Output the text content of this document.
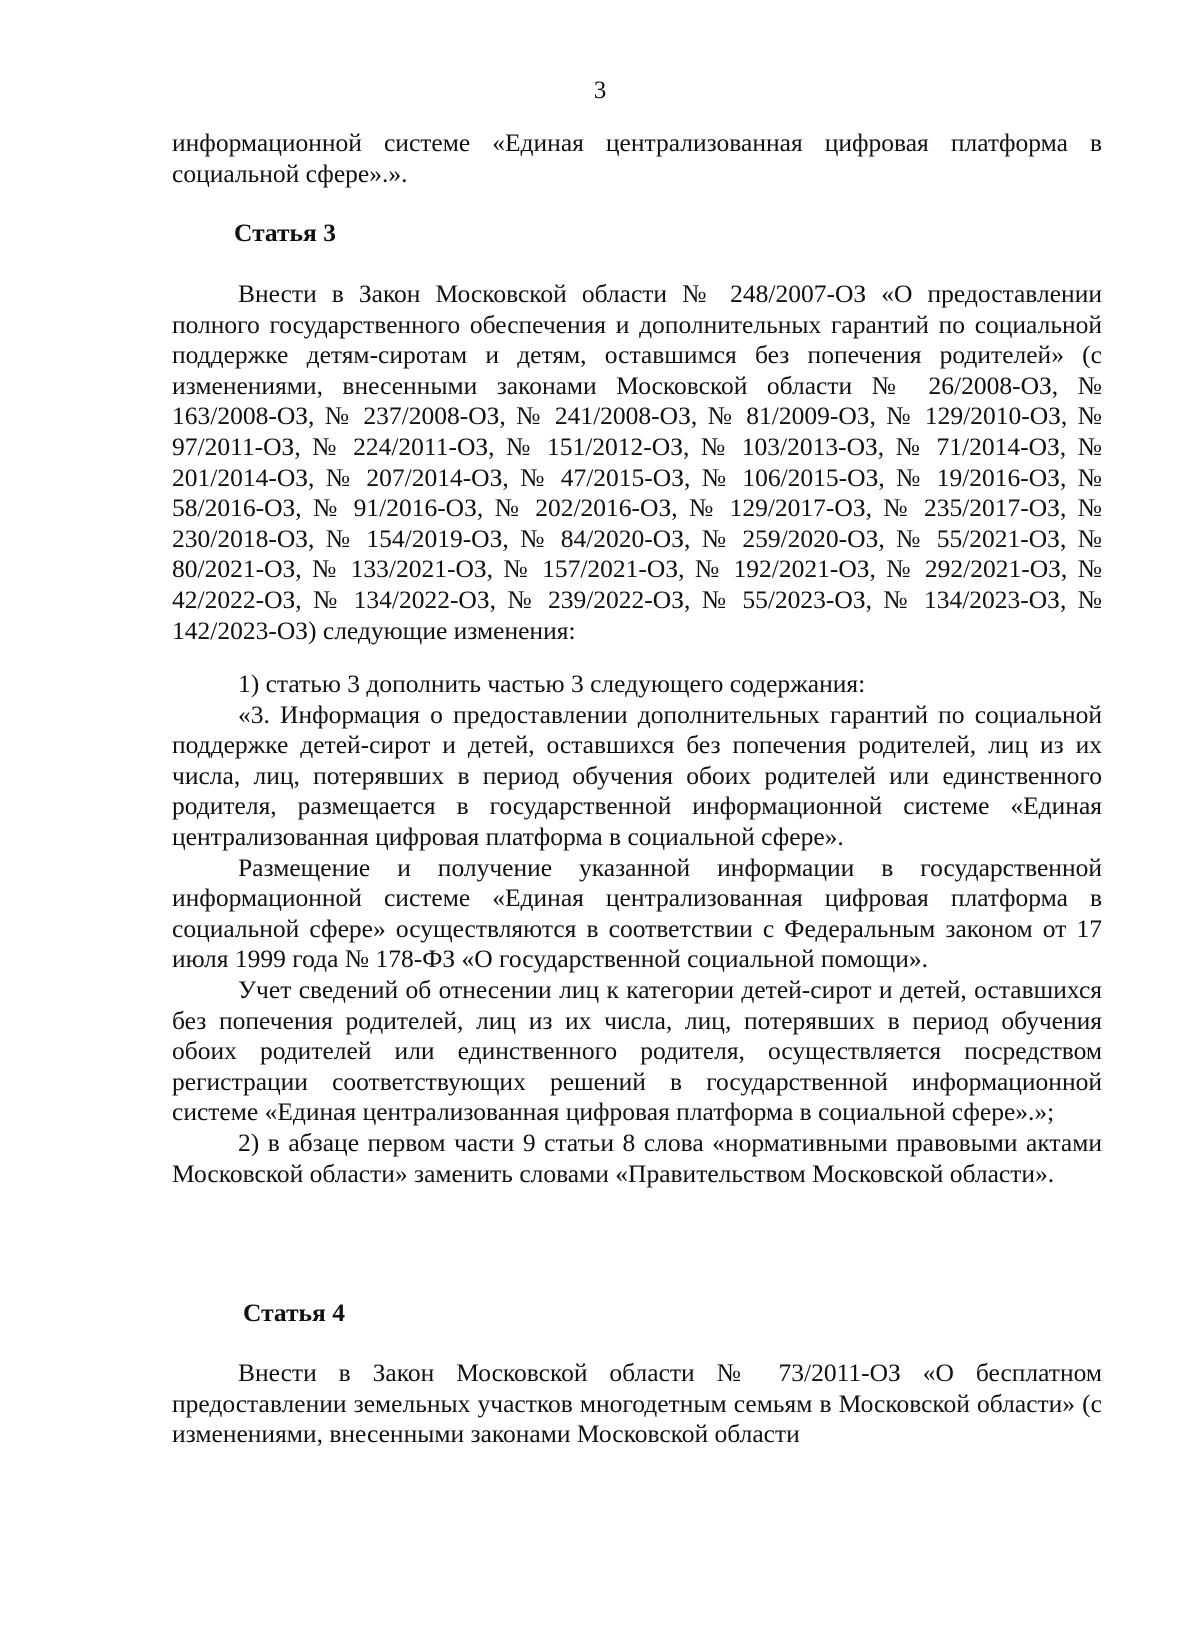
3

информационной системе «Единая централизованная цифровая платформа в социальной сфере».».

Статья 3

Внести в Закон Московской области № 248/2007-ОЗ «О предоставлении полного государственного обеспечения и дополнительных гарантий по социальной поддержке детям-сиротам и детям, оставшимся без попечения родителей» (с изменениями, внесенными законами Московской области № 26/2008-ОЗ, № 163/2008-ОЗ, № 237/2008-ОЗ, № 241/2008-ОЗ, № 81/2009-ОЗ, № 129/2010-ОЗ, № 97/2011-ОЗ, № 224/2011-ОЗ, № 151/2012-ОЗ, № 103/2013-ОЗ, № 71/2014-ОЗ, № 201/2014-ОЗ, № 207/2014-ОЗ, № 47/2015-ОЗ, № 106/2015-ОЗ, № 19/2016-ОЗ, № 58/2016-ОЗ, № 91/2016-ОЗ, № 202/2016-ОЗ, № 129/2017-ОЗ, № 235/2017-ОЗ, № 230/2018-ОЗ, № 154/2019-ОЗ, № 84/2020-ОЗ, № 259/2020-ОЗ, № 55/2021-ОЗ, № 80/2021-ОЗ, № 133/2021-ОЗ, № 157/2021-ОЗ, № 192/2021-ОЗ, № 292/2021-ОЗ, № 42/2022-ОЗ, № 134/2022-ОЗ, № 239/2022-ОЗ, № 55/2023-ОЗ, № 134/2023-ОЗ, № 142/2023-ОЗ) следующие изменения:

1) статью 3 дополнить частью 3 следующего содержания:

«3. Информация о предоставлении дополнительных гарантий по социальной поддержке детей-сирот и детей, оставшихся без попечения родителей, лиц из их числа, лиц, потерявших в период обучения обоих родителей или единственного родителя, размещается в государственной информационной системе «Единая централизованная цифровая платформа в социальной сфере».

Размещение и получение указанной информации в государственной информационной системе «Единая централизованная цифровая платформа в социальной сфере» осуществляются в соответствии с Федеральным законом от 17 июля 1999 года № 178-ФЗ «О государственной социальной помощи».

Учет сведений об отнесении лиц к категории детей-сирот и детей, оставшихся без попечения родителей, лиц из их числа, лиц, потерявших в период обучения обоих родителей или единственного родителя, осуществляется посредством регистрации соответствующих решений в государственной информационной системе «Единая централизованная цифровая платформа в социальной сфере».»;

2) в абзаце первом части 9 статьи 8 слова «нормативными правовыми актами Московской области» заменить словами «Правительством Московской области».

Статья 4

Внести в Закон Московской области № 73/2011-ОЗ «О бесплатном предоставлении земельных участков многодетным семьям в Московской области» (с изменениями, внесенными законами Московской области
